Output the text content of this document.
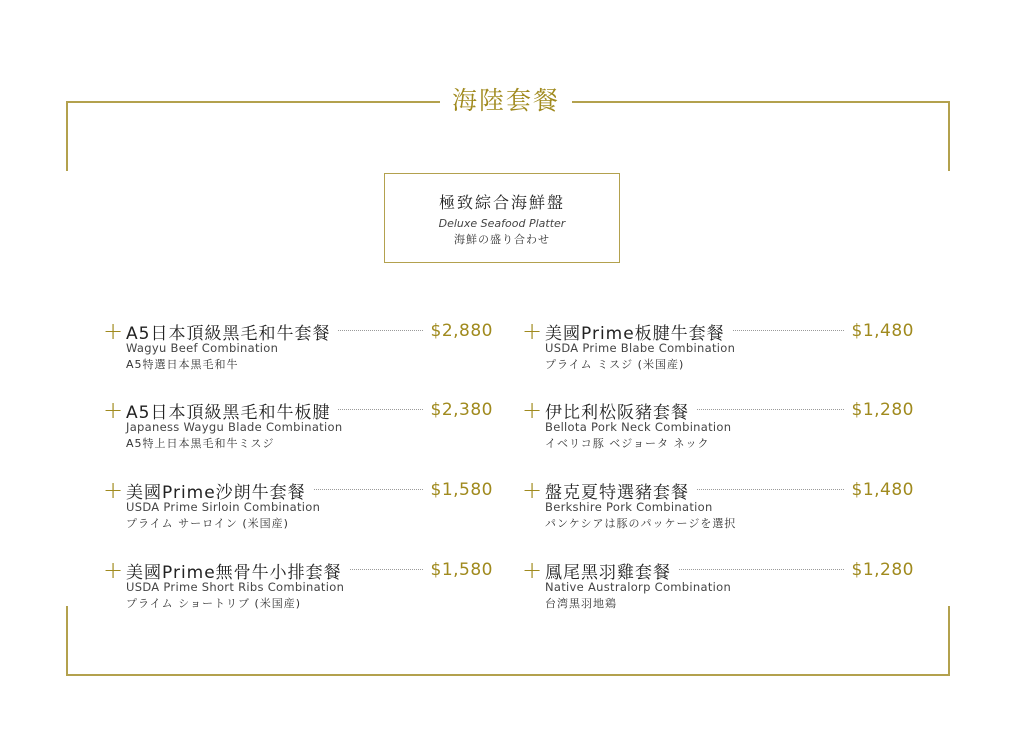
海陸套餐
極致綜合海鮮盤
Deluxe Seafood Platter
海鮮の盛り合わせ
+ A5日本頂級黑毛和牛套餐	$2,880
Wagyu Beef Combination
A5特選日本黒毛和牛
+ A5日本頂級黑毛和牛板腱	$2,380
Japaness Waygu Blade Combination
A5特上日本黒毛和牛ミスジ
+ 美國Prime沙朗牛套餐	$1,580
USDA Prime Sirloin Combination
プライム サーロイン (米国産)
+ 美國Prime無骨牛小排套餐	$1,580
USDA Prime Short Ribs Combination
プライム ショートリブ (米国産)
+ 美國Prime板腱牛套餐	$1,480
USDA Prime Blabe Combination
プライム ミスジ (米国産)
+ 伊比利松阪豬套餐	$1,280
Bellota Pork Neck Combination
イベリコ豚 ベジョータ ネック
+ 盤克夏特選豬套餐	$1,480
Berkshire Pork Combination
パンケシアは豚のパッケージを選択
+ 鳳尾黑羽雞套餐	$1,280
Native Australorp Combination
台湾黒羽地鶏
